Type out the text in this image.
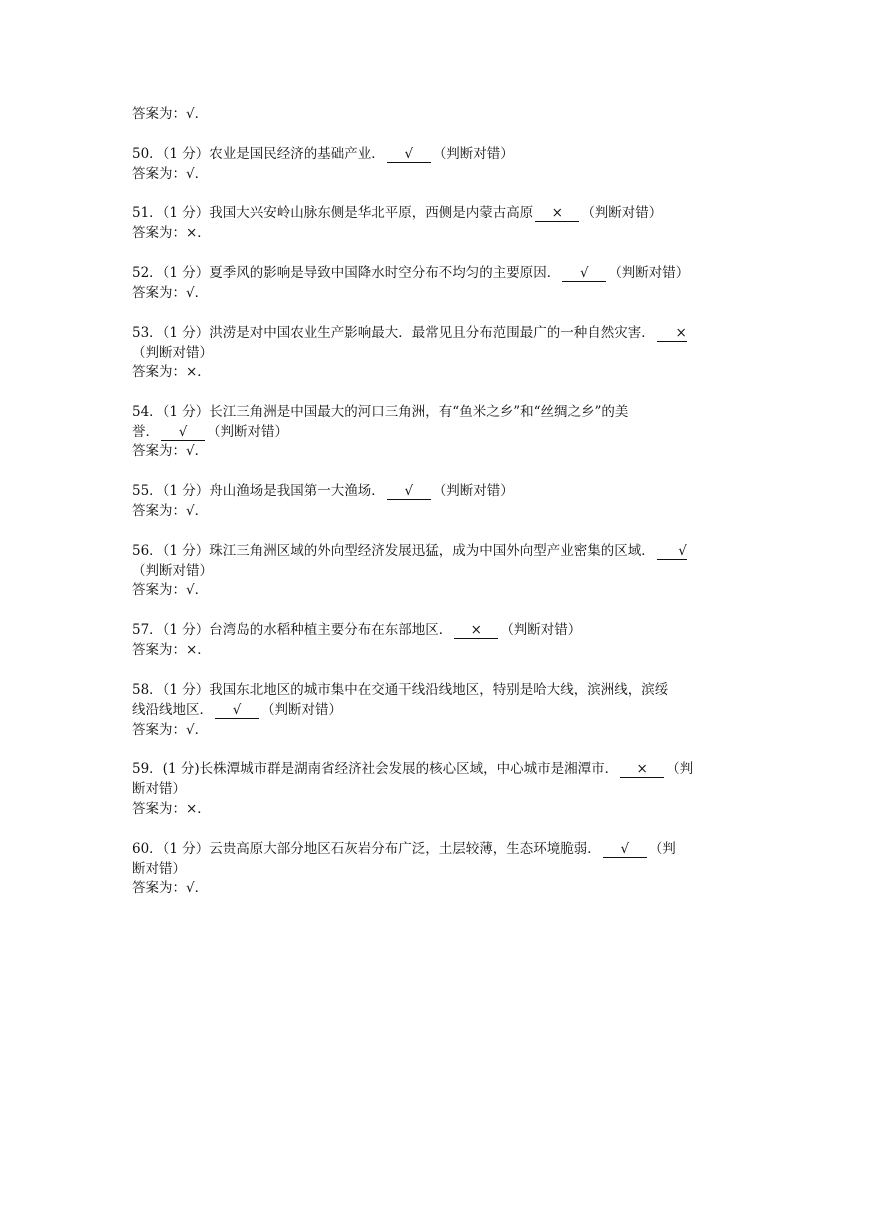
答案为：√．
50．（1 分）农业是国民经济的基础产业． √ （判断对错）
答案为：√．
51．（1 分）我国大兴安岭山脉东侧是华北平原，西侧是内蒙古高原 × （判断对错）
答案为：×．
52．（1 分）夏季风的影响是导致中国降水时空分布不均匀的主要原因． √ （判断对错）
答案为：√．
53．（1 分）洪涝是对中国农业生产影响最大．最常见且分布范围最广的一种自然灾害． ×
（判断对错）
答案为：×．
54．（1 分）长江三角洲是中国最大的河口三角洲，有“鱼米之乡”和“丝绸之乡”的美
誉． √ （判断对错）
答案为：√．
55．（1 分）舟山渔场是我国第一大渔场． √ （判断对错）
答案为：√．
56．（1 分）珠江三角洲区域的外向型经济发展迅猛，成为中国外向型产业密集的区域． √
（判断对错）
答案为：√．
57．（1 分）台湾岛的水稻种植主要分布在东部地区． × （判断对错）
答案为：×．
58．（1 分）我国东北地区的城市集中在交通干线沿线地区，特别是哈大线，滨洲线，滨绥
线沿线地区． √ （判断对错）
答案为：√．
59．(1 分)长株潭城市群是湖南省经济社会发展的核心区域，中心城市是湘潭市． × （判
断对错）
答案为：×．
60．（1 分）云贵高原大部分地区石灰岩分布广泛，土层较薄，生态环境脆弱． √ （判
断对错）
答案为：√．
